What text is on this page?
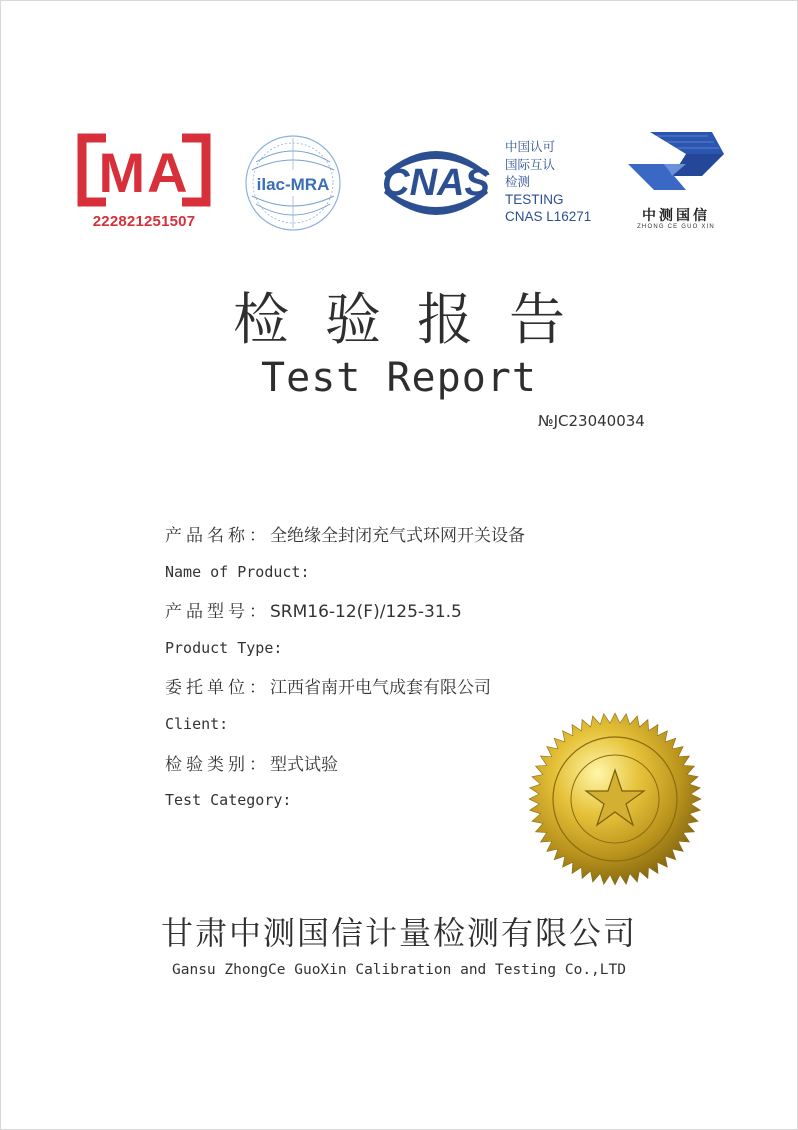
MA
222821251507
ilac-MRA CNAS
中国认可
国际互认
检测
TESTING
CNAS L16271	中测国信
ZHONG CE GUO XIN
检验报告
Test Report
№JC23040034
产品名称：全绝缘全封闭充气式环网开关设备
Name of Product:
产品型号：SRM16-12(F)/125-31.5
Product Type:
委托单位：江西省南开电气成套有限公司
Client:
检验类别：型式试验
Test Category:
甘肃中测国信计量检测有限公司
Gansu ZhongCe GuoXin Calibration and Testing Co.,LTD
